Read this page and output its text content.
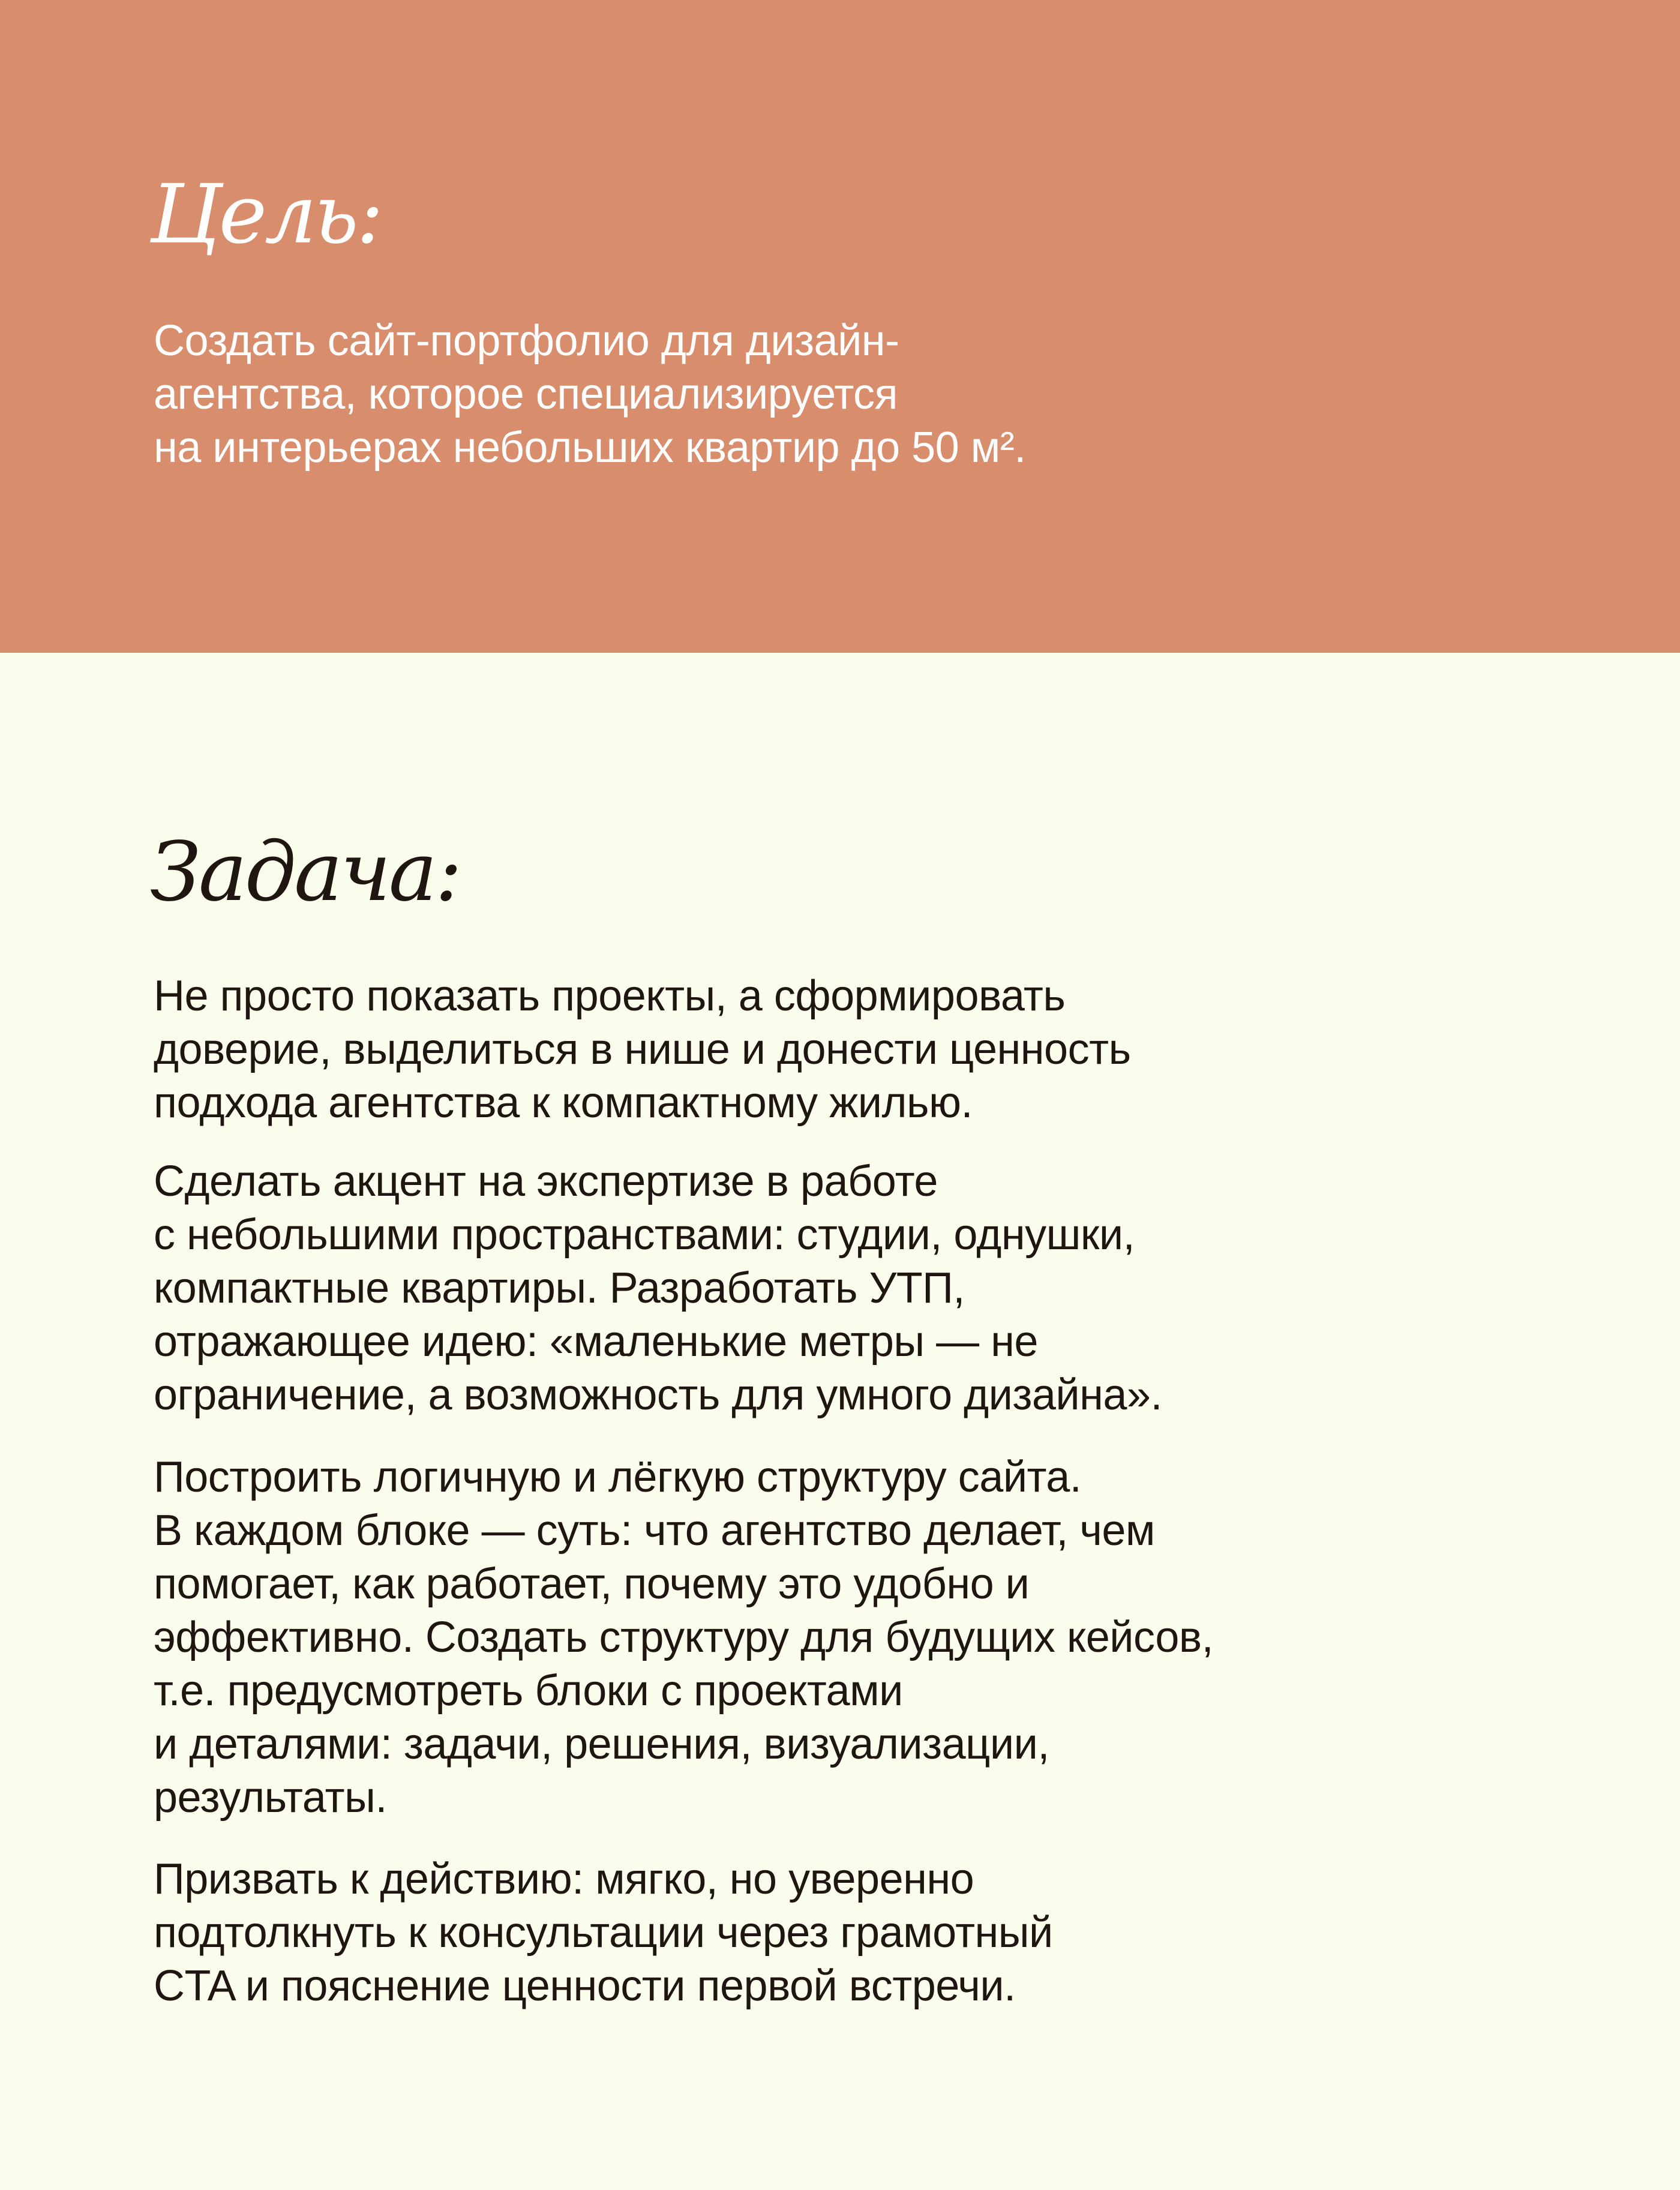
Цель:

Создать сайт-портфолио для дизайн-
агентства, которое специализируется
на интерьерах небольших квартир до 50 м².

Задача:

Не просто показать проекты, а сформировать
доверие, выделиться в нише и донести ценность
подхода агентства к компактному жилью.

Сделать акцент на экспертизе в работе
с небольшими пространствами: студии, однушки,
компактные квартиры. Разработать УТП,
отражающее идею: «маленькие метры — не
ограничение, а возможность для умного дизайна».

Построить логичную и лёгкую структуру сайта.
В каждом блоке — суть: что агентство делает, чем
помогает, как работает, почему это удобно и
эффективно. Создать структуру для будущих кейсов,
т.е. предусмотреть блоки с проектами
и деталями: задачи, решения, визуализации,
результаты.

Призвать к действию: мягко, но уверенно
подтолкнуть к консультации через грамотный
CTA и пояснение ценности первой встречи.
